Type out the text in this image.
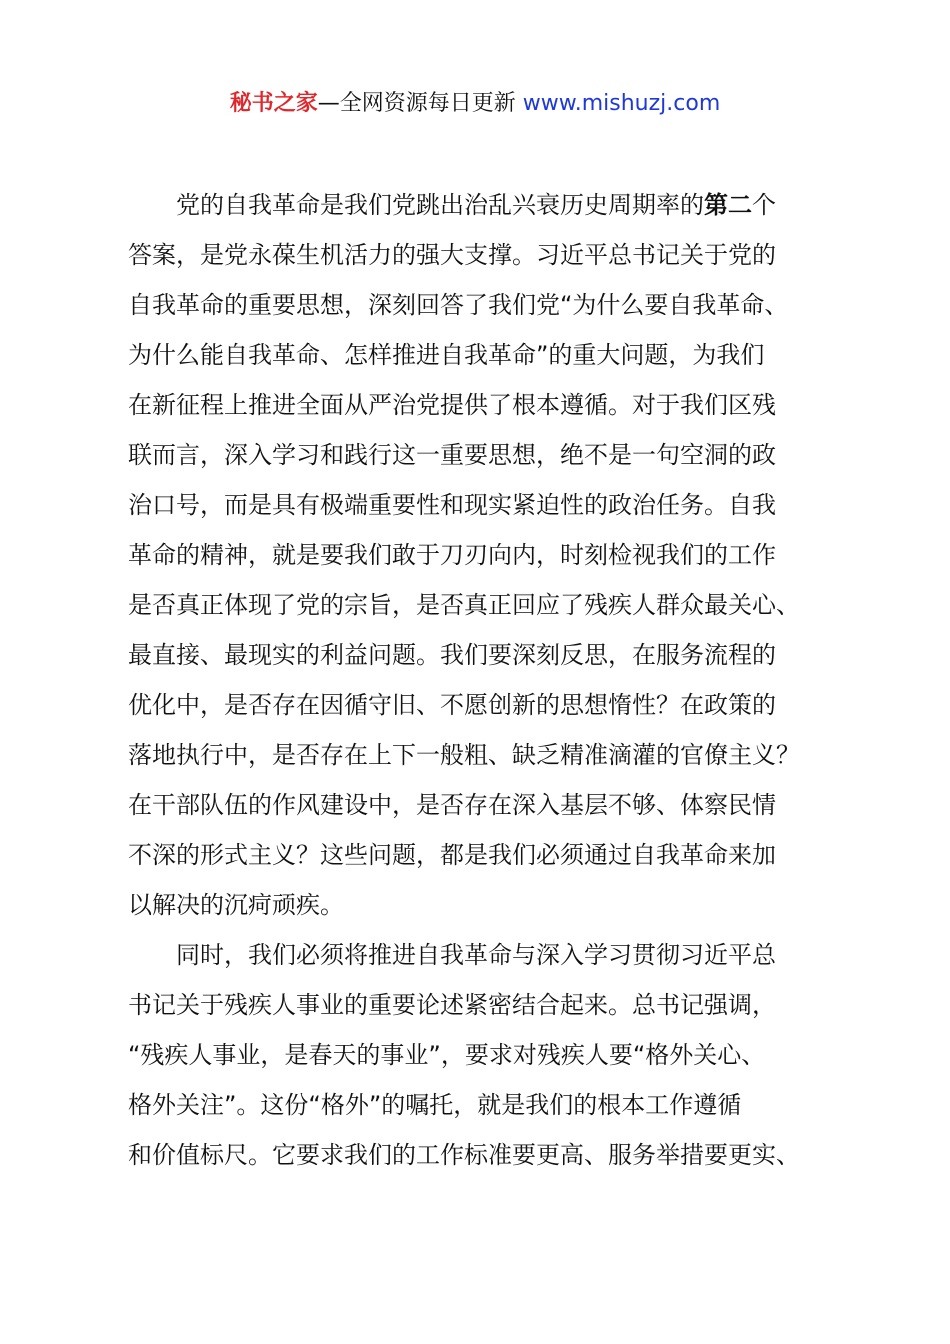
秘书之家—全网资源每日更新 www.mishuzj.com
　　党的自我革命是我们党跳出治乱兴衰历史周期率的第二个
答案，是党永葆生机活力的强大支撑。习近平总书记关于党的
自我革命的重要思想，深刻回答了我们党“为什么要自我革命、
为什么能自我革命、怎样推进自我革命”的重大问题，为我们
在新征程上推进全面从严治党提供了根本遵循。对于我们区残
联而言，深入学习和践行这一重要思想，绝不是一句空洞的政
治口号，而是具有极端重要性和现实紧迫性的政治任务。自我
革命的精神，就是要我们敢于刀刃向内，时刻检视我们的工作
是否真正体现了党的宗旨，是否真正回应了残疾人群众最关心、
最直接、最现实的利益问题。我们要深刻反思，在服务流程的
优化中，是否存在因循守旧、不愿创新的思想惰性？在政策的
落地执行中，是否存在上下一般粗、缺乏精准滴灌的官僚主义？
在干部队伍的作风建设中，是否存在深入基层不够、体察民情
不深的形式主义？这些问题，都是我们必须通过自我革命来加
以解决的沉疴顽疾。
　　同时，我们必须将推进自我革命与深入学习贯彻习近平总
书记关于残疾人事业的重要论述紧密结合起来。总书记强调，
“残疾人事业，是春天的事业”，要求对残疾人要“格外关心、
格外关注”。这份“格外”的嘱托，就是我们的根本工作遵循
和价值标尺。它要求我们的工作标准要更高、服务举措要更实、
